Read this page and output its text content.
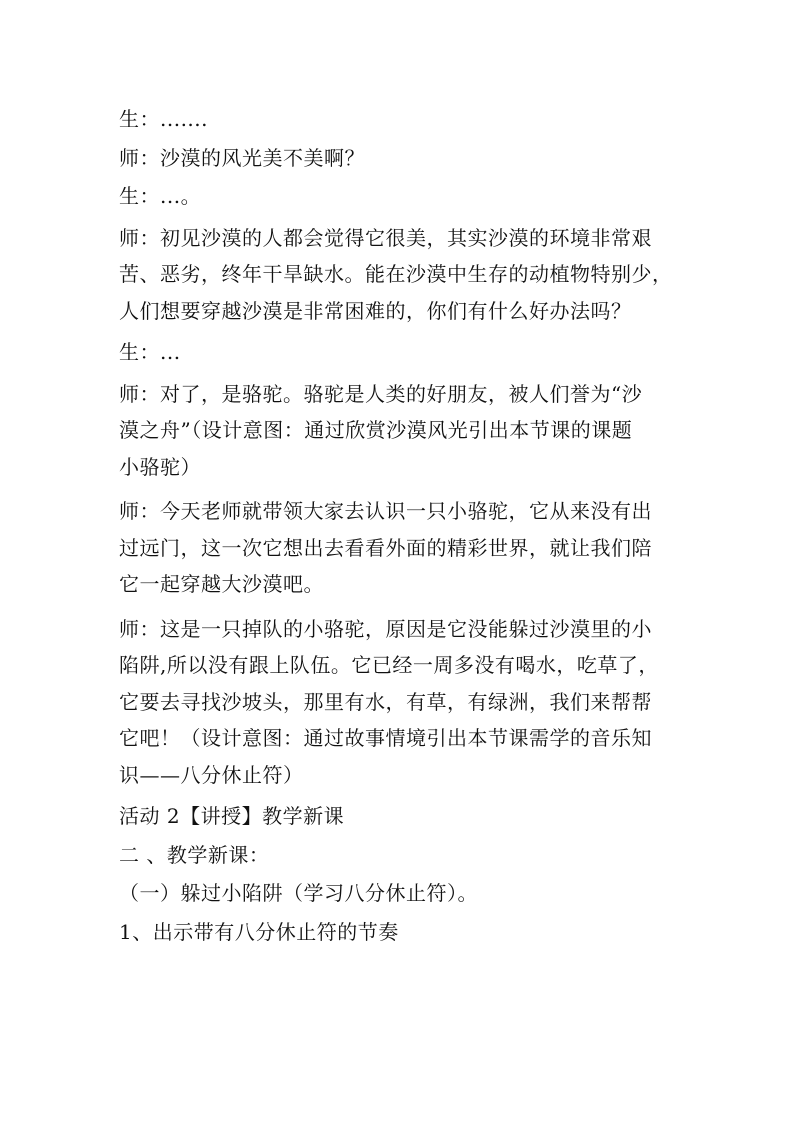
生：.......

师：沙漠的风光美不美啊？

生：...。

师：初见沙漠的人都会觉得它很美，其实沙漠的环境非常艰
苦、恶劣，终年干旱缺水。能在沙漠中生存的动植物特别少，
人们想要穿越沙漠是非常困难的，你们有什么好办法吗？

生：...

师：对了，是骆驼。骆驼是人类的好朋友，被人们誉为“沙
漠之舟”（设计意图：通过欣赏沙漠风光引出本节课的课题
小骆驼）

师：今天老师就带领大家去认识一只小骆驼，它从来没有出
过远门，这一次它想出去看看外面的精彩世界，就让我们陪
它一起穿越大沙漠吧。

师：这是一只掉队的小骆驼，原因是它没能躲过沙漠里的小
陷阱,所以没有跟上队伍。它已经一周多没有喝水，吃草了，
它要去寻找沙坡头，那里有水，有草，有绿洲，我们来帮帮
它吧！（设计意图：通过故事情境引出本节课需学的音乐知
识——八分休止符）

活动 2【讲授】教学新课

二 、教学新课：

（一）躲过小陷阱（学习八分休止符）。

1、出示带有八分休止符的节奏
